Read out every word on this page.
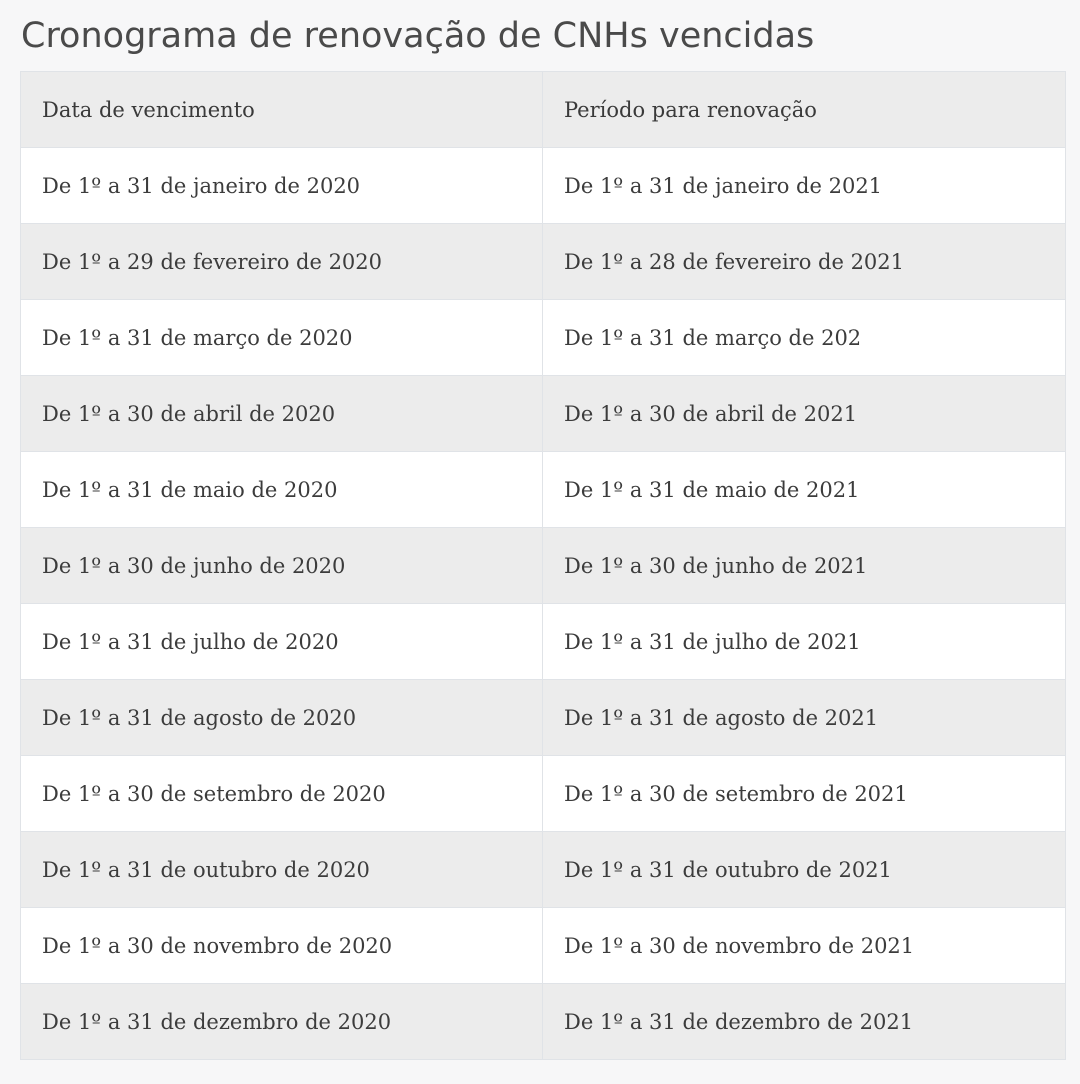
Cronograma de renovação de CNHs vencidas
Data de vencimento	Período para renovação
De 1º a 31 de janeiro de 2020	De 1º a 31 de janeiro de 2021
De 1º a 29 de fevereiro de 2020	De 1º a 28 de fevereiro de 2021
De 1º a 31 de março de 2020	De 1º a 31 de março de 202
De 1º a 30 de abril de 2020	De 1º a 30 de abril de 2021
De 1º a 31 de maio de 2020	De 1º a 31 de maio de 2021
De 1º a 30 de junho de 2020	De 1º a 30 de junho de 2021
De 1º a 31 de julho de 2020	De 1º a 31 de julho de 2021
De 1º a 31 de agosto de 2020	De 1º a 31 de agosto de 2021
De 1º a 30 de setembro de 2020	De 1º a 30 de setembro de 2021
De 1º a 31 de outubro de 2020	De 1º a 31 de outubro de 2021
De 1º a 30 de novembro de 2020	De 1º a 30 de novembro de 2021
De 1º a 31 de dezembro de 2020	De 1º a 31 de dezembro de 2021
